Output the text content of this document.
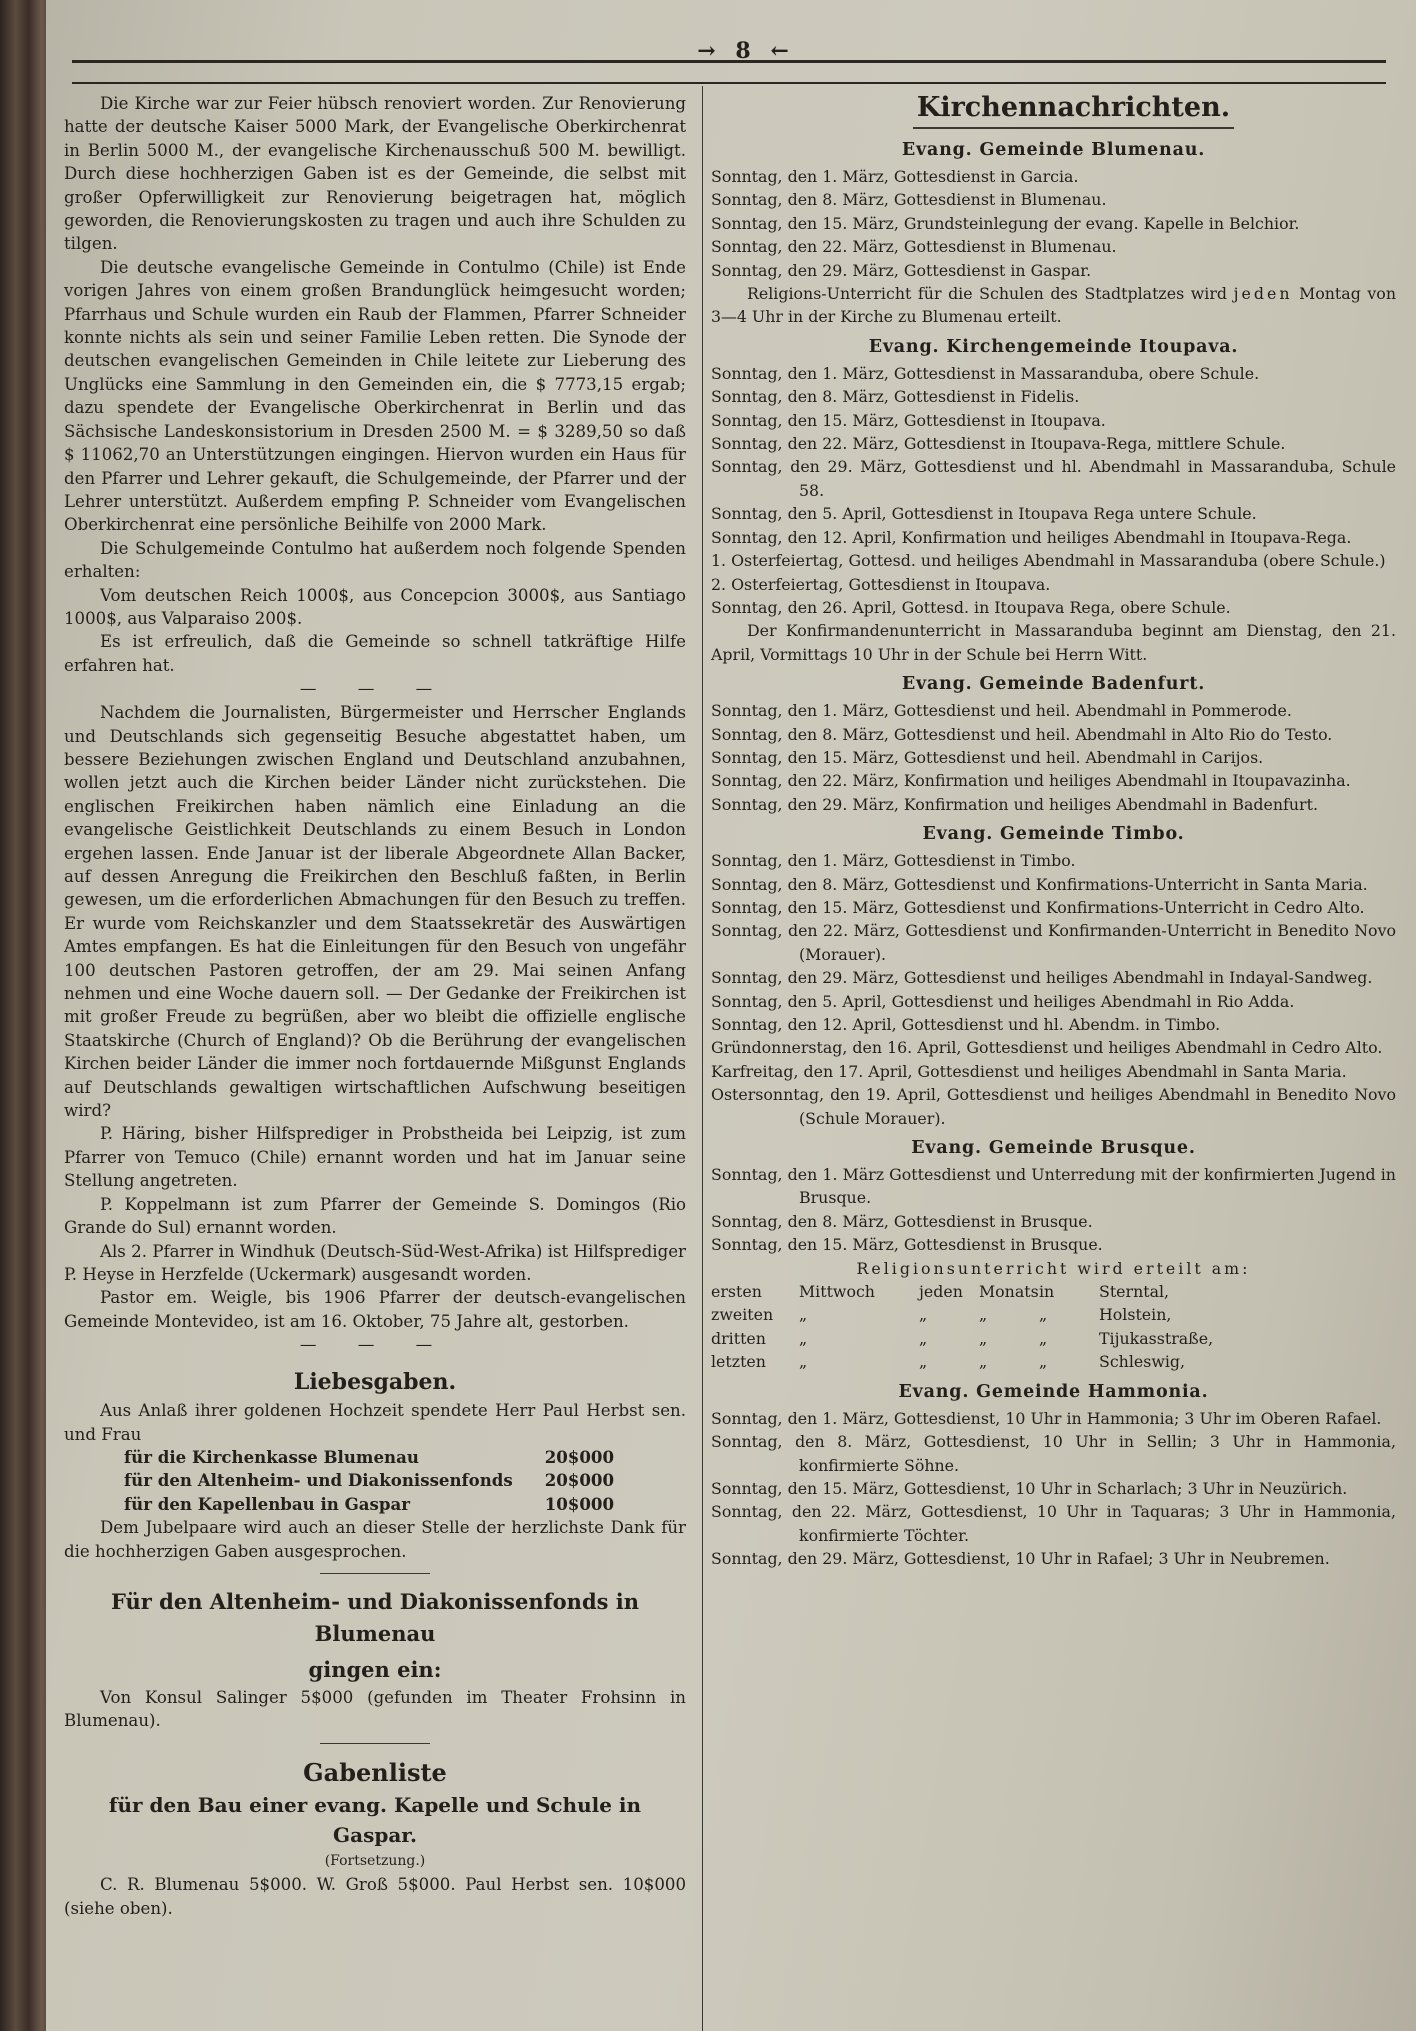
→ 8 ←

Die Kirche war zur Feier hübsch renoviert worden. Zur Renovierung hatte der deutsche Kaiser 5000 Mark, der Evangelische Oberkirchenrat in Berlin 5000 M., der evangelische Kirchenausschuß 500 M. bewilligt. Durch diese hochherzigen Gaben ist es der Gemeinde, die selbst mit großer Opferwilligkeit zur Renovierung beigetragen hat, möglich geworden, die Renovierungskosten zu tragen und auch ihre Schulden zu tilgen.

Die deutsche evangelische Gemeinde in Contulmo (Chile) ist Ende vorigen Jahres von einem großen Brandunglück heimgesucht worden; Pfarrhaus und Schule wurden ein Raub der Flammen, Pfarrer Schneider konnte nichts als sein und seiner Familie Leben retten. Die Synode der deutschen evangelischen Gemeinden in Chile leitete zur Lieberung des Unglücks eine Sammlung in den Gemeinden ein, die $ 7773,15 ergab; dazu spendete der Evangelische Oberkirchenrat in Berlin und das Sächsische Landeskonsistorium in Dresden 2500 M. = $ 3289,50 so daß $ 11062,70 an Unterstützungen eingingen. Hiervon wurden ein Haus für den Pfarrer und Lehrer gekauft, die Schulgemeinde, der Pfarrer und der Lehrer unterstützt. Außerdem empfing P. Schneider vom Evangelischen Oberkirchenrat eine persönliche Beihilfe von 2000 Mark.

Die Schulgemeinde Contulmo hat außerdem noch folgende Spenden erhalten:

Vom deutschen Reich 1000$, aus Concepcion 3000$, aus Santiago 1000$, aus Valparaiso 200$.

Es ist erfreulich, daß die Gemeinde so schnell tatkräftige Hilfe erfahren hat.

— — —

Nachdem die Journalisten, Bürgermeister und Herrscher Englands und Deutschlands sich gegenseitig Besuche abgestattet haben, um bessere Beziehungen zwischen England und Deutschland anzubahnen, wollen jetzt auch die Kirchen beider Länder nicht zurückstehen. Die englischen Freikirchen haben nämlich eine Einladung an die evangelische Geistlichkeit Deutschlands zu einem Besuch in London ergehen lassen. Ende Januar ist der liberale Abgeordnete Allan Backer, auf dessen Anregung die Freikirchen den Beschluß faßten, in Berlin gewesen, um die erforderlichen Abmachungen für den Besuch zu treffen. Er wurde vom Reichskanzler und dem Staatssekretär des Auswärtigen Amtes empfangen. Es hat die Einleitungen für den Besuch von ungefähr 100 deutschen Pastoren getroffen, der am 29. Mai seinen Anfang nehmen und eine Woche dauern soll. — Der Gedanke der Freikirchen ist mit großer Freude zu begrüßen, aber wo bleibt die offizielle englische Staatskirche (Church of England)? Ob die Berührung der evangelischen Kirchen beider Länder die immer noch fortdauernde Mißgunst Englands auf Deutschlands gewaltigen wirtschaftlichen Aufschwung beseitigen wird?

P. Häring, bisher Hilfsprediger in Probstheida bei Leipzig, ist zum Pfarrer von Temuco (Chile) ernannt worden und hat im Januar seine Stellung angetreten.

P. Koppelmann ist zum Pfarrer der Gemeinde S. Domingos (Rio Grande do Sul) ernannt worden.

Als 2. Pfarrer in Windhuk (Deutsch-Süd-West-Afrika) ist Hilfsprediger P. Heyse in Herzfelde (Uckermark) ausgesandt worden.

Pastor em. Weigle, bis 1906 Pfarrer der deutsch-evangelischen Gemeinde Montevideo, ist am 16. Oktober, 75 Jahre alt, gestorben.

— — —
Liebesgaben.

Aus Anlaß ihrer goldenen Hochzeit spendete Herr Paul Herbst sen. und Frau

für die Kirchenkasse Blumenau	20$000
für den Altenheim- und Diakonissenfonds 20$000
für den Kapellenbau in Gaspar	10$000

Dem Jubelpaare wird auch an dieser Stelle der herzlichste Dank für die hochherzigen Gaben ausgesprochen.

Für den Altenheim- und Diakonissenfonds in Blumenau
gingen ein:

Von Konsul Salinger 5$000 (gefunden im Theater Frohsinn in Blumenau).

Gabenliste
für den Bau einer evang. Kapelle und Schule in Gaspar.
(Fortsetzung.)

C. R. Blumenau 5$000. W. Groß 5$000. Paul Herbst sen. 10$000 (siehe oben).

Kirchennachrichten.
Evang. Gemeinde Blumenau.
Sonntag, den 1. März, Gottesdienst in Garcia.
Sonntag, den 8. März, Gottesdienst in Blumenau.
Sonntag, den 15. März, Grundsteinlegung der evang. Kapelle in Belchior.
Sonntag, den 22. März, Gottesdienst in Blumenau.
Sonntag, den 29. März, Gottesdienst in Gaspar.

Religions-Unterricht für die Schulen des Stadtplatzes wird jeden Montag von 3—4 Uhr in der Kirche zu Blumenau erteilt.

Evang. Kirchengemeinde Itoupava.
Sonntag, den 1. März, Gottesdienst in Massaranduba, obere Schule.
Sonntag, den 8. März, Gottesdienst in Fidelis.
Sonntag, den 15. März, Gottesdienst in Itoupava.
Sonntag, den 22. März, Gottesdienst in Itoupava-Rega, mittlere Schule.
Sonntag, den 29. März, Gottesdienst und hl. Abendmahl in Massaranduba, Schule 58.
Sonntag, den 5. April, Gottesdienst in Itoupava Rega untere Schule.
Sonntag, den 12. April, Konfirmation und heiliges Abendmahl in Itoupava-Rega.
1. Osterfeiertag, Gottesd. und heiliges Abendmahl in Massaranduba (obere Schule.)
2. Osterfeiertag, Gottesdienst in Itoupava.
Sonntag, den 26. April, Gottesd. in Itoupava Rega, obere Schule.

Der Konfirmandenunterricht in Massaranduba beginnt am Dienstag, den 21. April, Vormittags 10 Uhr in der Schule bei Herrn Witt.

Evang. Gemeinde Badenfurt.
Sonntag, den 1. März, Gottesdienst und heil. Abendmahl in Pommerode.
Sonntag, den 8. März, Gottesdienst und heil. Abendmahl in Alto Rio do Testo.
Sonntag, den 15. März, Gottesdienst und heil. Abendmahl in Carijos.
Sonntag, den 22. März, Konfirmation und heiliges Abendmahl in Itoupavazinha.
Sonntag, den 29. März, Konfirmation und heiliges Abendmahl in Badenfurt.
Evang. Gemeinde Timbo.
Sonntag, den 1. März, Gottesdienst in Timbo.
Sonntag, den 8. März, Gottesdienst und Konfirmations-Unterricht in Santa Maria.
Sonntag, den 15. März, Gottesdienst und Konfirmations-Unterricht in Cedro Alto.
Sonntag, den 22. März, Gottesdienst und Konfirmanden-Unterricht in Benedito Novo (Morauer).
Sonntag, den 29. März, Gottesdienst und heiliges Abendmahl in Indayal-Sandweg.
Sonntag, den 5. April, Gottesdienst und heiliges Abendmahl in Rio Adda.
Sonntag, den 12. April, Gottesdienst und hl. Abendm. in Timbo.
Gründonnerstag, den 16. April, Gottesdienst und heiliges Abendmahl in Cedro Alto.
Karfreitag, den 17. April, Gottesdienst und heiliges Abendmahl in Santa Maria.
Ostersonntag, den 19. April, Gottesdienst und heiliges Abendmahl in Benedito Novo (Schule Morauer).
Evang. Gemeinde Brusque.
Sonntag, den 1. März Gottesdienst und Unterredung mit der konfirmierten Jugend in Brusque.
Sonntag, den 8. März, Gottesdienst in Brusque.
Sonntag, den 15. März, Gottesdienst in Brusque.
Religionsunterricht wird erteilt am:
ersten	Mittwoch	jeden	Monats in	Sterntal,
zweiten	„	„	„	„	Holstein,
dritten	„	„	„	„	Tijukasstraße,
letzten	„	„	„	„	Schleswig,
Evang. Gemeinde Hammonia.
Sonntag, den 1. März, Gottesdienst, 10 Uhr in Hammonia; 3 Uhr im Oberen Rafael.
Sonntag, den 8. März, Gottesdienst, 10 Uhr in Sellin; 3 Uhr in Hammonia, konfirmierte Söhne.
Sonntag, den 15. März, Gottesdienst, 10 Uhr in Scharlach; 3 Uhr in Neuzürich.
Sonntag, den 22. März, Gottesdienst, 10 Uhr in Taquaras; 3 Uhr in Hammonia, konfirmierte Töchter.
Sonntag, den 29. März, Gottesdienst, 10 Uhr in Rafael; 3 Uhr in Neubremen.
